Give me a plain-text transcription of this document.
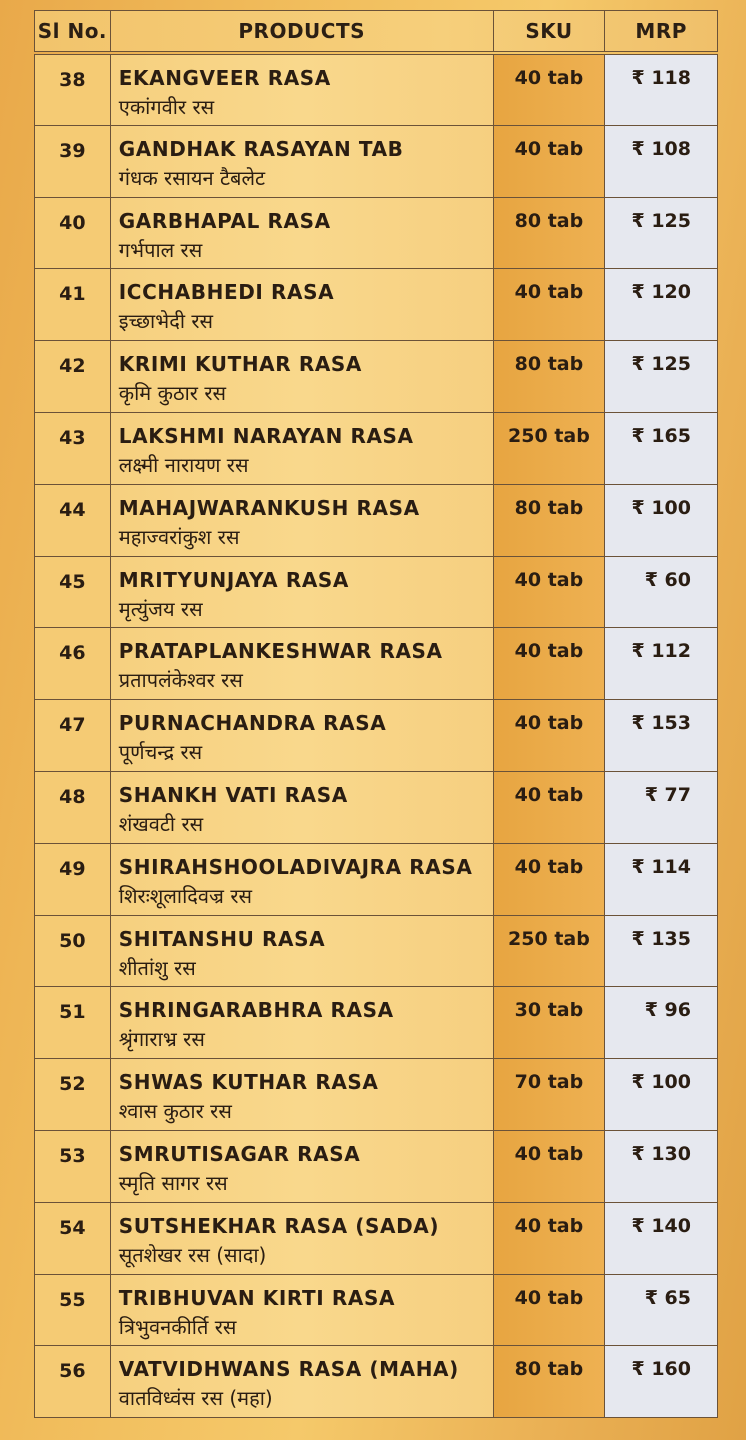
Sl No.	PRODUCTS	SKU	MRP
38	EKANGVEER RASA
एकांगवीर रस
40 tab	₹ 118
39	GANDHAK RASAYAN TAB
गंधक रसायन टैबलेट
40 tab	₹ 108
40	GARBHAPAL RASA
गर्भपाल रस
80 tab	₹ 125
41	ICCHABHEDI RASA
इच्छाभेदी रस
40 tab	₹ 120
42	KRIMI KUTHAR RASA
कृमि कुठार रस
80 tab	₹ 125
43	LAKSHMI NARAYAN RASA
लक्ष्मी नारायण रस
250 tab	₹ 165
44	MAHAJWARANKUSH RASA
महाज्वरांकुश रस
80 tab	₹ 100
45	MRITYUNJAYA RASA
मृत्युंजय रस
40 tab	₹ 60
46	PRATAPLANKESHWAR RASA
प्रतापलंकेश्वर रस
40 tab	₹ 112
47	PURNACHANDRA RASA
पूर्णचन्द्र रस
40 tab	₹ 153
48	SHANKH VATI RASA
शंखवटी रस
40 tab	₹ 77
49	SHIRAHSHOOLADIVAJRA RASA
शिरःशूलादिवज्र रस
40 tab	₹ 114
50	SHITANSHU RASA
शीतांशु रस
250 tab	₹ 135
51	SHRINGARABHRA RASA
श्रृंगाराभ्र रस
30 tab	₹ 96
52	SHWAS KUTHAR RASA
श्वास कुठार रस
70 tab	₹ 100
53	SMRUTISAGAR RASA
स्मृति सागर रस
40 tab	₹ 130
54	SUTSHEKHAR RASA (SADA)
सूतशेखर रस (सादा)
40 tab	₹ 140
55	TRIBHUVAN KIRTI RASA
त्रिभुवनकीर्ति रस
40 tab	₹ 65
56	VATVIDHWANS RASA (MAHA)
वातविध्वंस रस (महा)
80 tab	₹ 160
